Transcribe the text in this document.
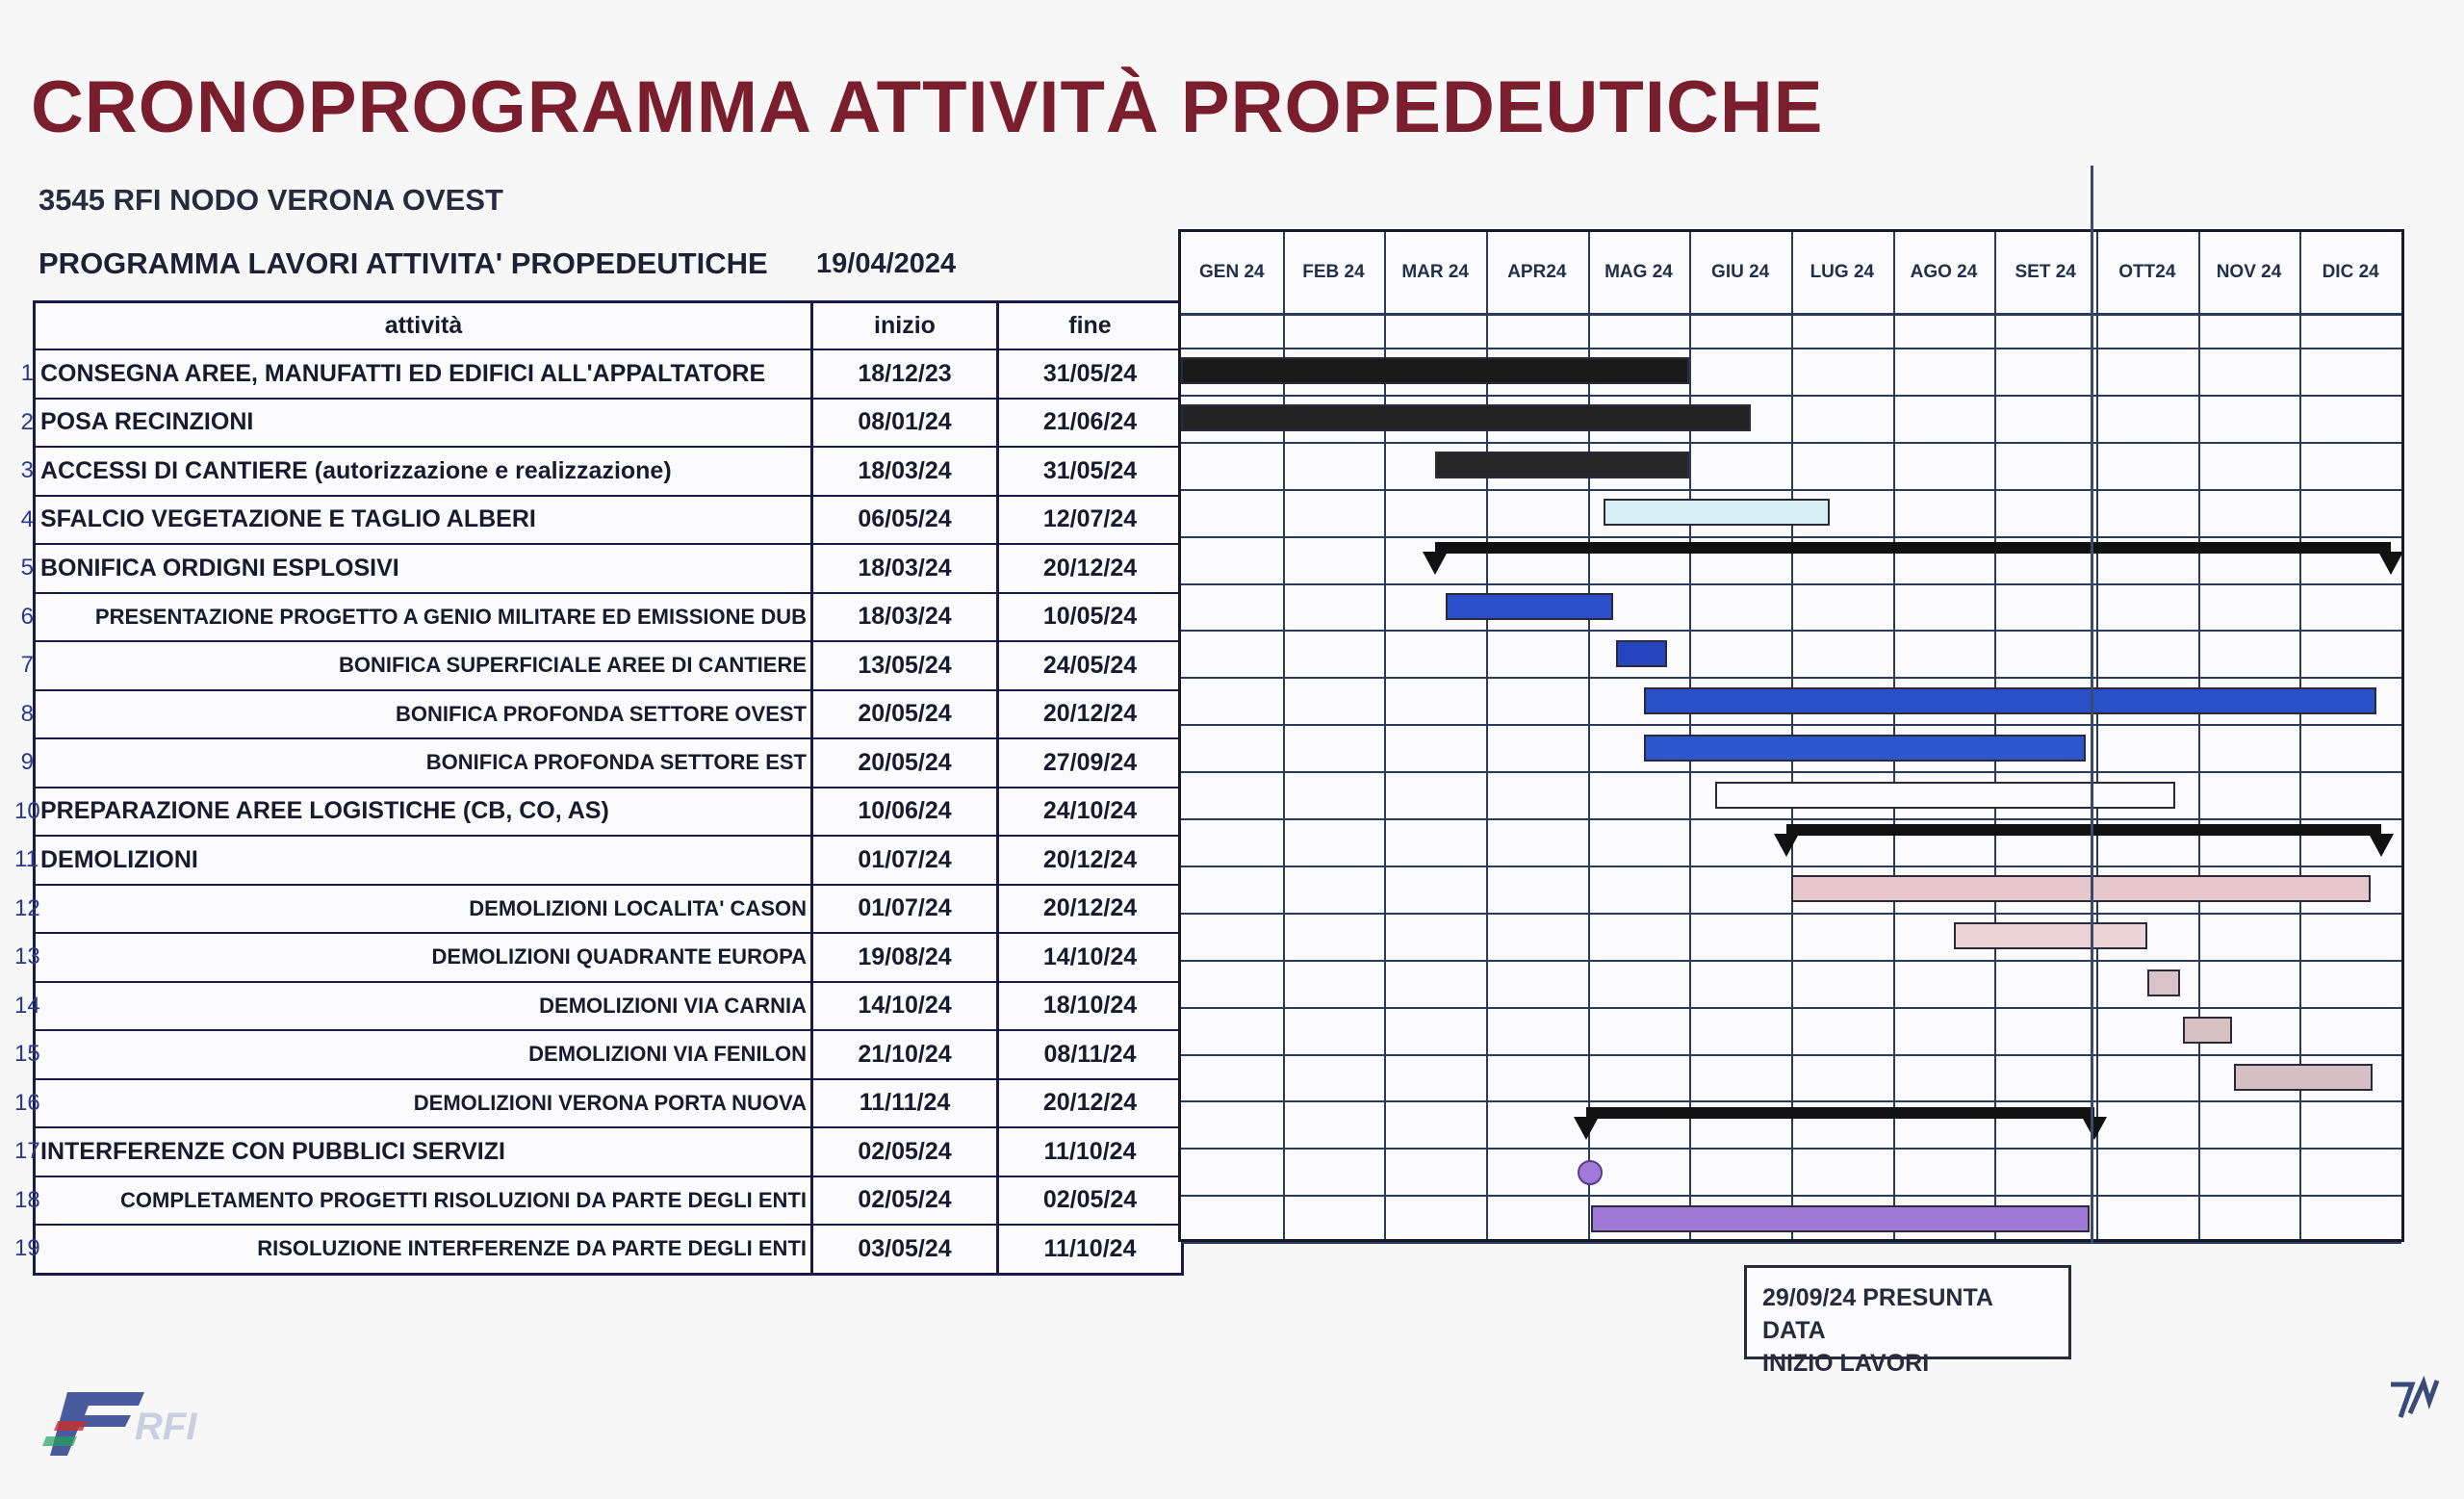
CRONOPROGRAMMA ATTIVITÀ PROPEDEUTICHE
3545 RFI NODO VERONA OVEST
PROGRAMMA LAVORI ATTIVITA' PROPEDEUTICHE 19/04/2024
attività	inizio	fine
1 CONSEGNA AREE, MANUFATTI ED EDIFICI ALL'APPALTATORE	18/12/23	31/05/24
2 POSA RECINZIONI	08/01/24	21/06/24
3 ACCESSI DI CANTIERE (autorizzazione e realizzazione)	18/03/24	31/05/24
4 SFALCIO VEGETAZIONE E TAGLIO ALBERI	06/05/24	12/07/24
5 BONIFICA ORDIGNI ESPLOSIVI	18/03/24	20/12/24
6	PRESENTAZIONE PROGETTO A GENIO MILITARE ED EMISSIONE DUB	18/03/24	10/05/24
7	BONIFICA SUPERFICIALE AREE DI CANTIERE	13/05/24	24/05/24
8	BONIFICA PROFONDA SETTORE OVEST	20/05/24	20/12/24
9	BONIFICA PROFONDA SETTORE EST	20/05/24	27/09/24
10 PREPARAZIONE AREE LOGISTICHE (CB, CO, AS)	10/06/24	24/10/24
11 DEMOLIZIONI	01/07/24	20/12/24
12	DEMOLIZIONI LOCALITA' CASON	01/07/24	20/12/24
13	DEMOLIZIONI QUADRANTE EUROPA	19/08/24	14/10/24
14	DEMOLIZIONI VIA CARNIA	14/10/24	18/10/24
15	DEMOLIZIONI VIA FENILON	21/10/24	08/11/24
16	DEMOLIZIONI VERONA PORTA NUOVA	11/11/24	20/12/24
17 INTERFERENZE CON PUBBLICI SERVIZI	02/05/24	11/10/24
18	COMPLETAMENTO PROGETTI RISOLUZIONI DA PARTE DEGLI ENTI	02/05/24	02/05/24
19	RISOLUZIONE INTERFERENZE DA PARTE DEGLI ENTI	03/05/24	11/10/24
GEN 24	FEB 24	MAR 24	APR24	MAG 24	GIU 24	LUG 24	AGO 24	SET 24	OTT24	NOV 24	DIC 24
29/09/24 PRESUNTA DATA
INIZIO LAVORI
RFI
